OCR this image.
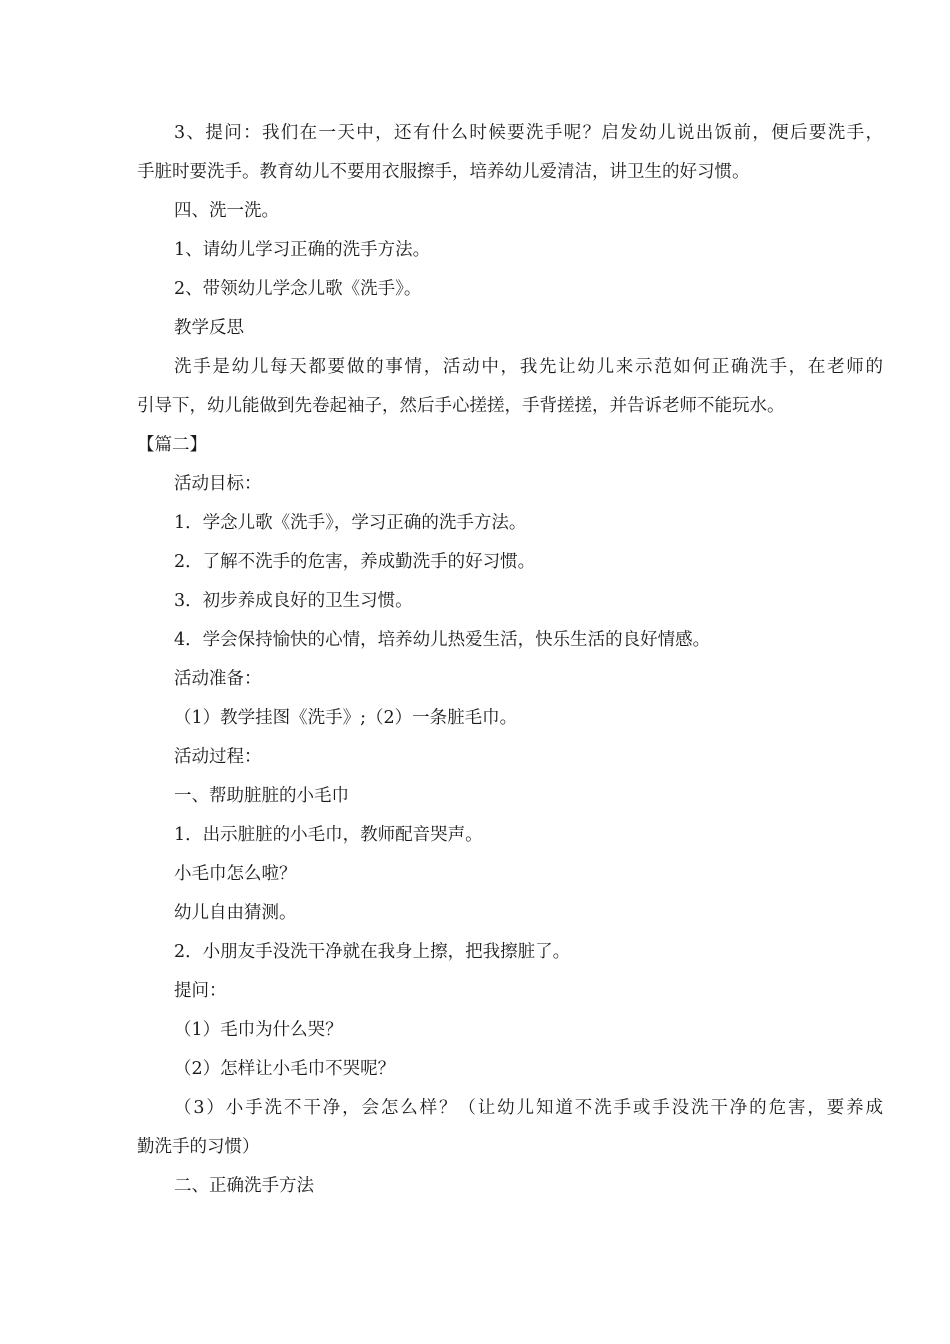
3、提问：我们在一天中，还有什么时候要洗手呢？启发幼儿说出饭前，便后要洗手，
手脏时要洗手。教育幼儿不要用衣服擦手，培养幼儿爱清洁，讲卫生的好习惯。
四、洗一洗。
1、请幼儿学习正确的洗手方法。
2、带领幼儿学念儿歌《洗手》。
教学反思
洗手是幼儿每天都要做的事情，活动中，我先让幼儿来示范如何正确洗手，在老师的
引导下，幼儿能做到先卷起袖子，然后手心搓搓，手背搓搓，并告诉老师不能玩水。
【篇二】
活动目标：
1．学念儿歌《洗手》，学习正确的洗手方法。
2．了解不洗手的危害，养成勤洗手的好习惯。
3．初步养成良好的卫生习惯。
4．学会保持愉快的心情，培养幼儿热爱生活，快乐生活的良好情感。
活动准备：
（1）教学挂图《洗手》;（2）一条脏毛巾。
活动过程：
一、帮助脏脏的小毛巾
1．出示脏脏的小毛巾，教师配音哭声。
小毛巾怎么啦？
幼儿自由猜测。
2．小朋友手没洗干净就在我身上擦，把我擦脏了。
提问：
（1）毛巾为什么哭？
（2）怎样让小毛巾不哭呢？
（3）小手洗不干净，会怎么样？（让幼儿知道不洗手或手没洗干净的危害，要养成
勤洗手的习惯）
二、正确洗手方法
